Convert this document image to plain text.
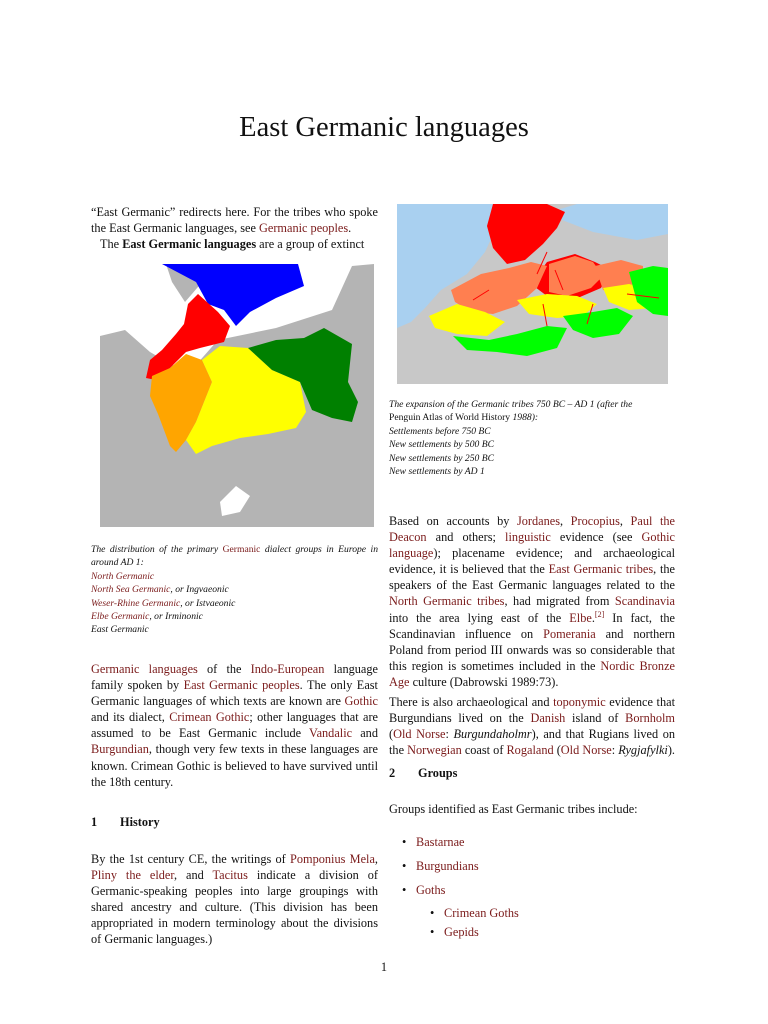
East Germanic languages

“East Germanic” redirects here. For the tribes who spoke the East Germanic languages, see Germanic peoples.

The East Germanic languages are a group of extinct

The distribution of the primary Germanic dialect groups in Europe in around AD 1:

North Germanic

North Sea Germanic, or Ingvaeonic

Weser-Rhine Germanic, or Istvaeonic

Elbe Germanic, or Irminonic

East Germanic

Germanic languages of the Indo-European language family spoken by East Germanic peoples. The only East Germanic languages of which texts are known are Gothic and its dialect, Crimean Gothic; other languages that are assumed to be East Germanic include Vandalic and Burgundian, though very few texts in these languages are known. Crimean Gothic is believed to have survived until the 18th century.

1 History

By the 1st century CE, the writings of Pomponius Mela, Pliny the elder, and Tacitus indicate a division of Germanic-speaking peoples into large groupings with shared ancestry and culture. (This division has been appropriated in modern terminology about the divisions of Germanic languages.)

The expansion of the Germanic tribes 750 BC – AD 1 (after the

Penguin Atlas of World History 1988):

Settlements before 750 BC

New settlements by 500 BC

New settlements by 250 BC

New settlements by AD 1

Based on accounts by Jordanes, Procopius, Paul the Deacon and others; linguistic evidence (see Gothic language); placename evidence; and archaeological evidence, it is believed that the East Germanic tribes, the speakers of the East Germanic languages related to the North Germanic tribes, had migrated from Scandinavia into the area lying east of the Elbe.[2] In fact, the Scandinavian influence on Pomerania and northern Poland from period III onwards was so considerable that this region is sometimes included in the Nordic Bronze Age culture (Dabrowski 1989:73).

There is also archaeological and toponymic evidence that Burgundians lived on the Danish island of Bornholm (Old Norse: Burgundaholmr), and that Rugians lived on the Norwegian coast of Rogaland (Old Norse: Rygjafylki).

2 Groups
Groups identified as East Germanic tribes include:
• Bastarnae
• Burgundians
• Goths
• Crimean Goths
• Gepids
1
